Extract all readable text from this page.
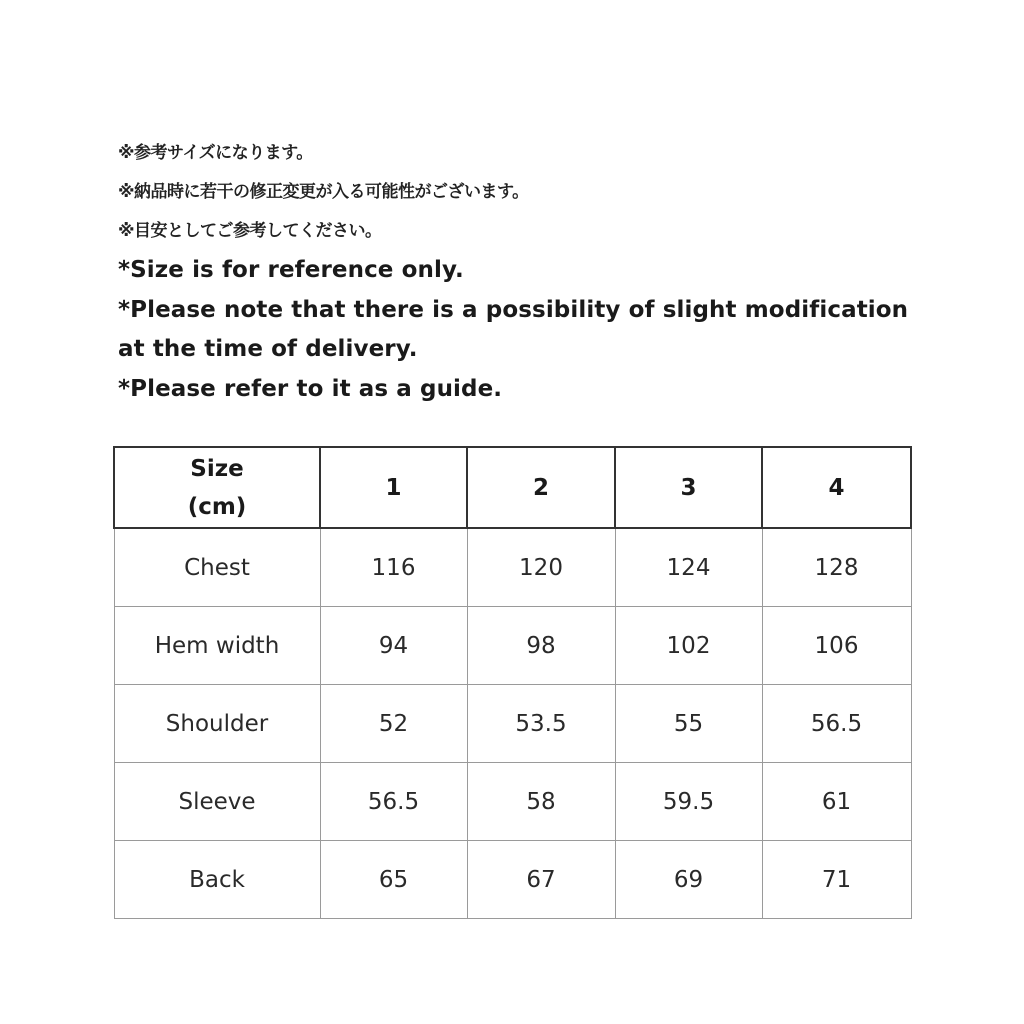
※参考サイズになります。
※納品時に若干の修正変更が入る可能性がございます。
※目安としてご参考してください。
*Size is for reference only.
*Please note that there is a possibility of slight modification at the time of delivery.
*Please refer to it as a guide.
Size
(cm)	1	2	3	4
Chest	116	120	124	128
Hem width	94	98	102	106
Shoulder	52	53.5	55	56.5
Sleeve	56.5	58	59.5	61
Back	65	67	69	71
